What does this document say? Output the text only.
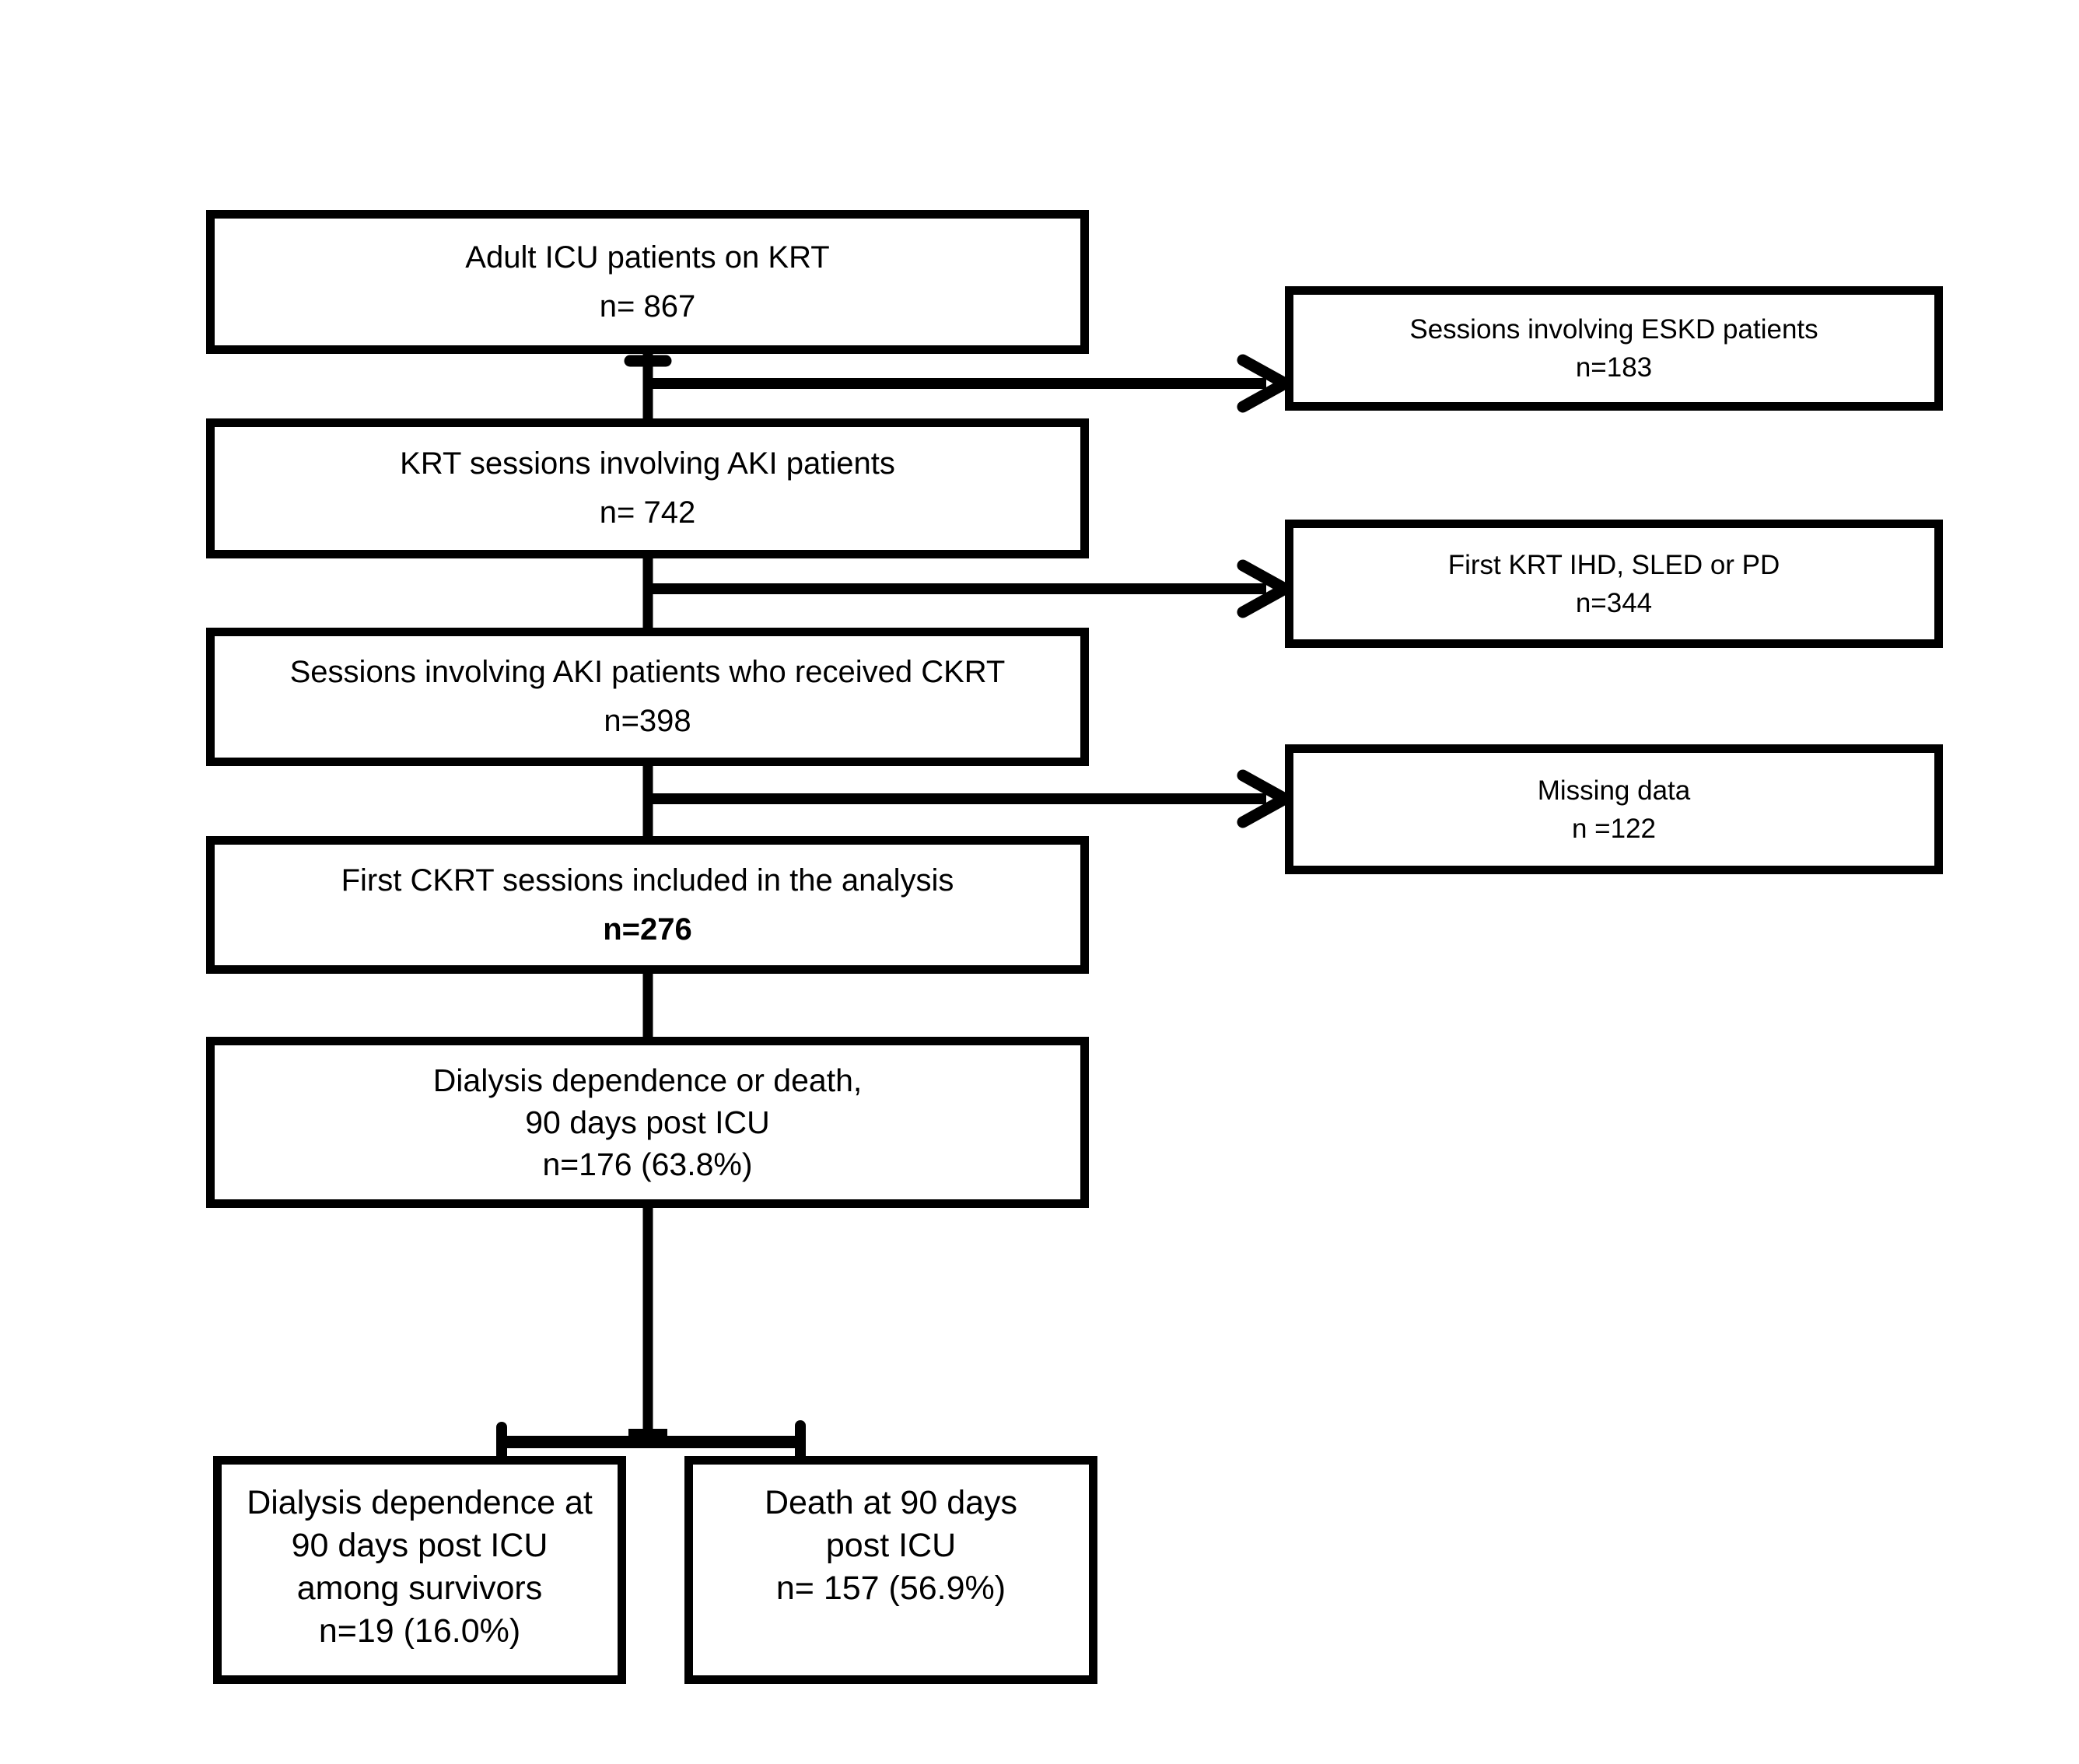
Adult ICU patients on KRT
n= 867
KRT sessions involving AKI patients
n= 742
Sessions involving AKI patients who received CKRT
n=398
First CKRT sessions included in the analysis
n=276
Dialysis dependence or death,
90 days post ICU
n=176 (63.8%)
Dialysis dependence at
90 days post ICU
among survivors
n=19 (16.0%)
Death at 90 days
post ICU
n= 157 (56.9%)
Sessions involving ESKD patients
n=183
First KRT IHD, SLED or PD
n=344
Missing data
n =122
